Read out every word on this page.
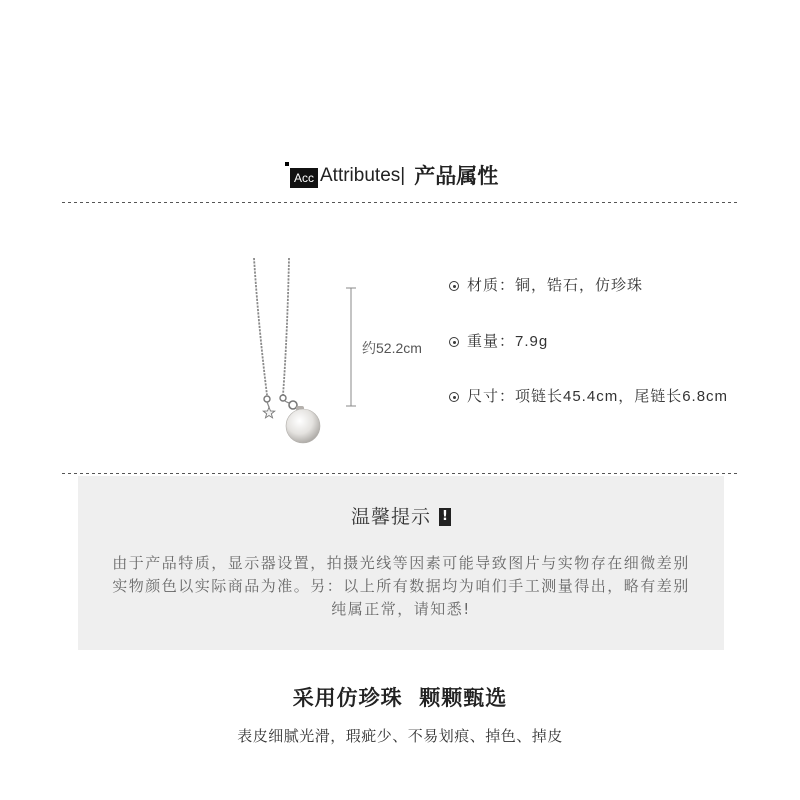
Acc Attributes| 产品属性
约52.2cm
材质：铜，锆石，仿珍珠
重量：7.9g
尺寸：项链长45.4cm，尾链长6.8cm
温馨提示 !
由于产品特质，显示器设置，拍摄光线等因素可能导致图片与实物存在细微差别
实物颜色以实际商品为准。另：以上所有数据均为咱们手工测量得出，略有差别
纯属正常，请知悉!
采用仿珍珠  颗颗甄选
表皮细腻光滑，瑕疵少、不易划痕、掉色、掉皮
